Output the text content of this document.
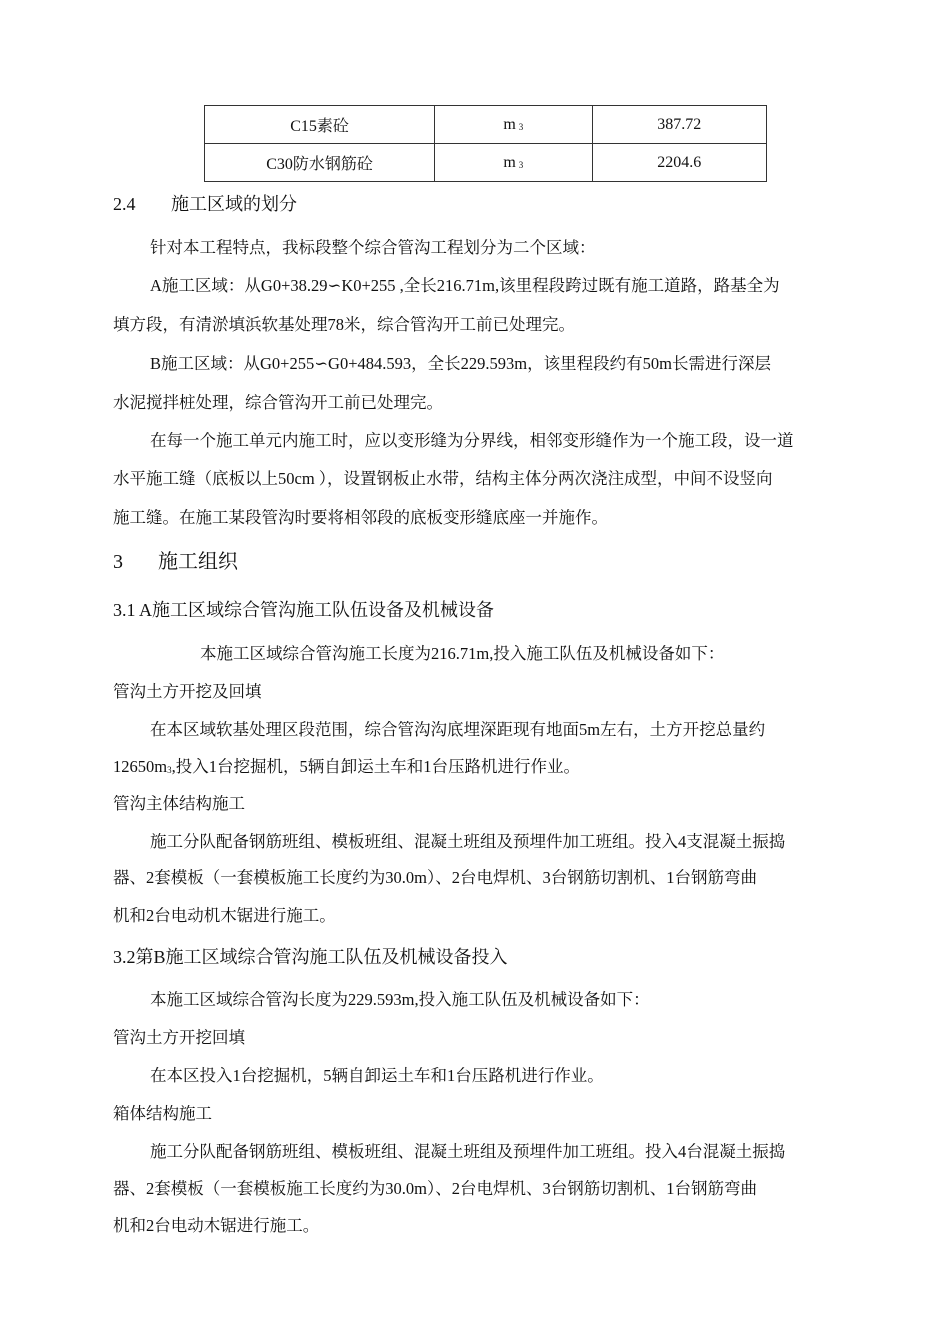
C15素砼	m $_3$	387.72
C30防水钢筋砼	m $_3$	2204.6
2.4 施工区域的划分
针对本工程特点，我标段整个综合管沟工程划分为二个区域：
A施工区域：从G0+38.29∽K0+255 ,全长216.71m,该里程段跨过既有施工道路，路基全为
填方段，有清淤填浜软基处理78米，综合管沟开工前已处理完。
B施工区域：从G0+255∽G0+484.593，全长229.593m，该里程段约有50m长需进行深层
水泥搅拌桩处理，综合管沟开工前已处理完。
在每一个施工单元内施工时，应以变形缝为分界线，相邻变形缝作为一个施工段，设一道
水平施工缝（底板以上50cm ），设置钢板止水带，结构主体分两次浇注成型，中间不设竖向
施工缝。在施工某段管沟时要将相邻段的底板变形缝底座一并施作。
3 施工组织
3.1 A施工区域综合管沟施工队伍设备及机械设备
本施工区域综合管沟施工长度为216.71m,投入施工队伍及机械设备如下：
管沟土方开挖及回填
在本区域软基处理区段范围，综合管沟沟底埋深距现有地面5m左右，土方开挖总量约
$12650m_3$,投入1台挖掘机，5辆自卸运土车和1台压路机进行作业。
管沟主体结构施工
施工分队配备钢筋班组、模板班组、混凝土班组及预埋件加工班组。投入4支混凝土振捣
器、2套模板（一套模板施工长度约为30.0m）、2台电焊机、3台钢筋切割机、1台钢筋弯曲
机和2台电动机木锯进行施工。
3.2第B施工区域综合管沟施工队伍及机械设备投入
本施工区域综合管沟长度为229.593m,投入施工队伍及机械设备如下：
管沟土方开挖回填
在本区投入1台挖掘机，5辆自卸运土车和1台压路机进行作业。
箱体结构施工
施工分队配备钢筋班组、模板班组、混凝土班组及预埋件加工班组。投入4台混凝土振捣
器、2套模板（一套模板施工长度约为30.0m）、2台电焊机、3台钢筋切割机、1台钢筋弯曲
机和2台电动木锯进行施工。
